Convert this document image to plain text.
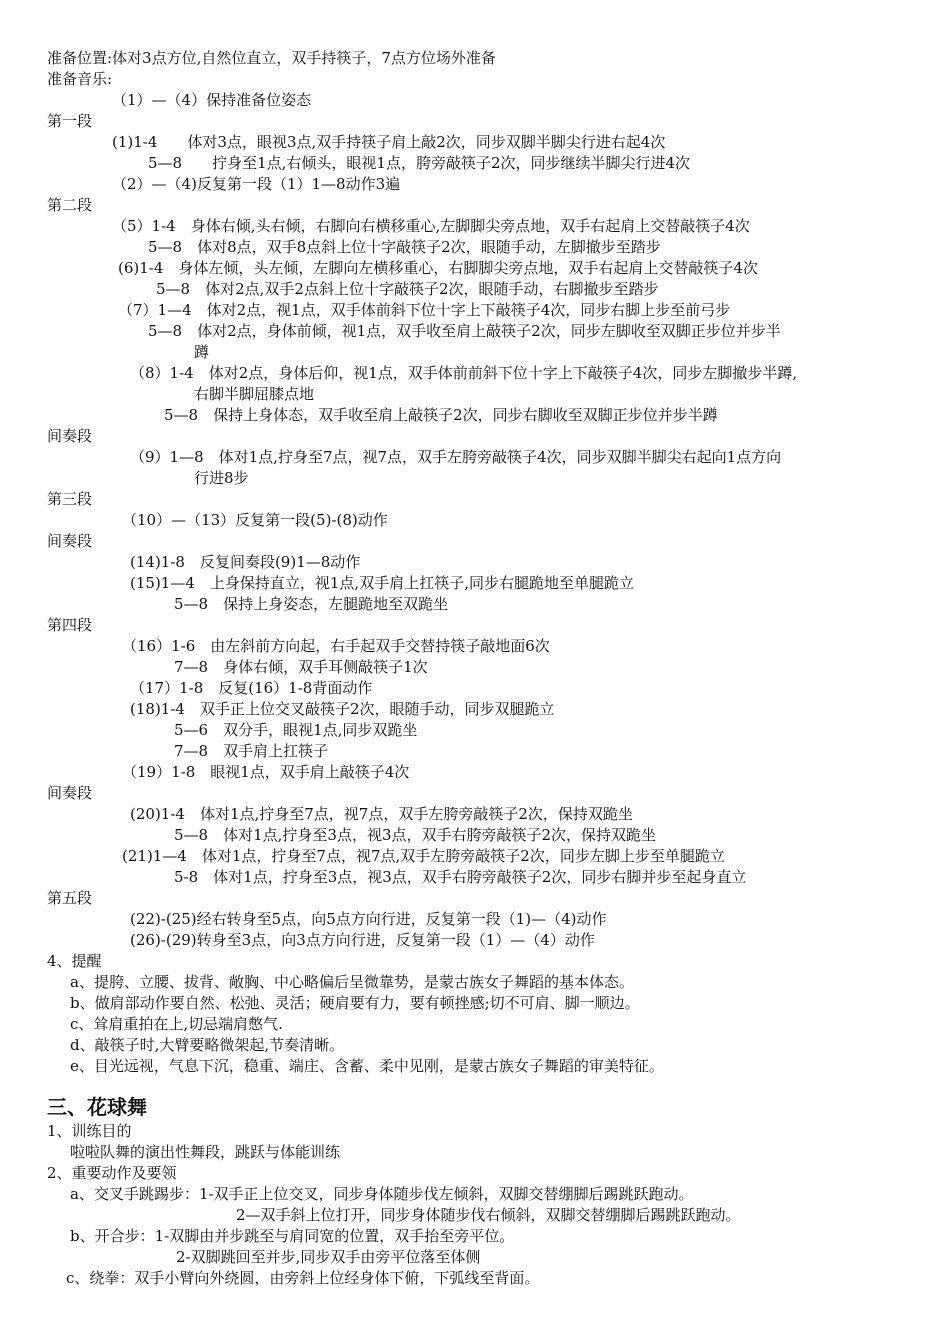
准备位置:体对3点方位,自然位直立，双手持筷子，7点方位场外准备
准备音乐:
（1）—（4）保持准备位姿态
第一段
(1)1-4　　体对3点，眼视3点,双手持筷子肩上敲2次，同步双脚半脚尖行进右起4次
5—8　　拧身至1点,右倾头，眼视1点，胯旁敲筷子2次，同步继续半脚尖行进4次
（2）—（4)反复第一段（1）1—8动作3遍
第二段
（5）1-4　身体右倾,头右倾，右脚向右横移重心,左脚脚尖旁点地，双手右起肩上交替敲筷子4次
5—8　体对8点，双手8点斜上位十字敲筷子2次，眼随手动，左脚撤步至踏步
(6)1-4　身体左倾，头左倾，左脚向左横移重心，右脚脚尖旁点地，双手右起肩上交替敲筷子4次
5—8　体对2点,双手2点斜上位十字敲筷子2次，眼随手动，右脚撤步至踏步
（7）1—4　体对2点，视1点，双手体前斜下位十字上下敲筷子4次，同步右脚上步至前弓步
5—8　体对2点，身体前倾，视1点，双手收至肩上敲筷子2次，同步左脚收至双脚正步位并步半
蹲
（8）1-4　体对2点，身体后仰，视1点，双手体前前斜下位十字上下敲筷子4次，同步左脚撤步半蹲,
右脚半脚屈膝点地
5—8　保持上身体态，双手收至肩上敲筷子2次，同步右脚收至双脚正步位并步半蹲
间奏段
（9）1—8　体对1点,拧身至7点，视7点，双手左胯旁敲筷子4次，同步双脚半脚尖右起向1点方向
行进8步
第三段
（10）—（13）反复第一段(5)-(8)动作
间奏段
(14)1-8　反复间奏段(9)1—8动作
(15)1—4　上身保持直立，视1点,双手肩上扛筷子,同步右腿跪地至单腿跪立
5—8　保持上身姿态，左腿跪地至双跪坐
第四段
（16）1-6　由左斜前方向起，右手起双手交替持筷子敲地面6次
7—8　身体右倾，双手耳侧敲筷子1次
（17）1-8　反复(16）1-8背面动作
(18)1-4　双手正上位交叉敲筷子2次，眼随手动，同步双腿跪立
5—6　双分手，眼视1点,同步双跪坐
7—8　双手肩上扛筷子
（19）1-8　眼视1点，双手肩上敲筷子4次
间奏段
(20)1-4　体对1点,拧身至7点，视7点，双手左胯旁敲筷子2次，保持双跪坐
5—8　体对1点,拧身至3点，视3点，双手右胯旁敲筷子2次，保持双跪坐
(21)1—4　体对1点，拧身至7点，视7点,双手左胯旁敲筷子2次，同步左脚上步至单腿跪立
5-8　体对1点，拧身至3点，视3点，双手右胯旁敲筷子2次，同步右脚并步至起身直立
第五段
(22)-(25)经右转身至5点，向5点方向行进，反复第一段（1)—（4)动作
(26)-(29)转身至3点，向3点方向行进，反复第一段（1）—（4）动作
4、提醒
a、提胯、立腰、拔背、敞胸、中心略偏后呈微靠势，是蒙古族女子舞蹈的基本体态。
b、做肩部动作要自然、松弛、灵活；硬肩要有力，要有顿挫感;切不可肩、脚一顺边。
c、耸肩重拍在上,切忌端肩憋气.
d、敲筷子时,大臂要略微架起,节奏清晰。
e、目光远视，气息下沉，稳重、端庄、含蓄、柔中见刚，是蒙古族女子舞蹈的审美特征。
三、花球舞
1、训练目的
啦啦队舞的演出性舞段，跳跃与体能训练
2、重要动作及要领
a、交叉手跳踢步：1-双手正上位交叉，同步身体随步伐左倾斜，双脚交替绷脚后踢跳跃跑动。
2—双手斜上位打开，同步身体随步伐右倾斜，双脚交替绷脚后踢跳跃跑动。
b、开合步：1-双脚由并步跳至与肩同宽的位置，双手抬至旁平位。
2-双脚跳回至并步,同步双手由旁平位落至体侧
c、绕拳：双手小臂向外绕圆，由旁斜上位经身体下俯，下弧线至背面。
